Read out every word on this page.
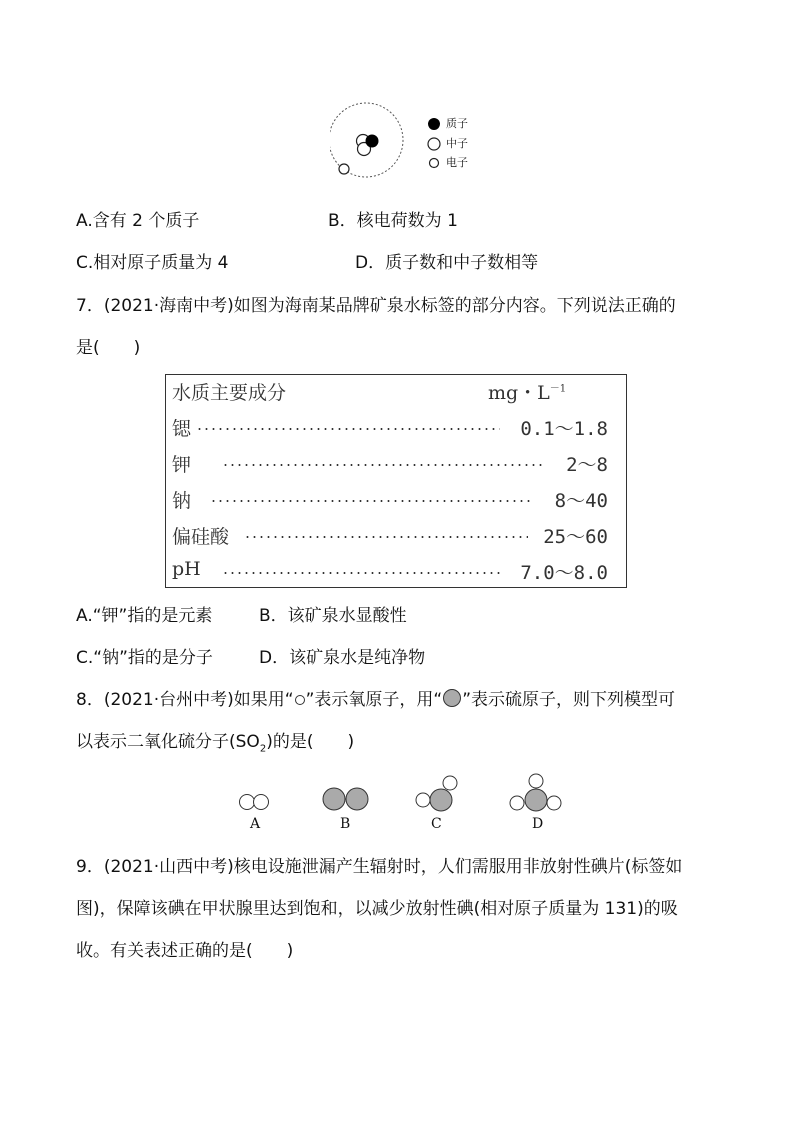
质子
中子
电子
A.含有 2 个质子	B．核电荷数为 1
C.相对原子质量为 4	D．质子数和中子数相等
7．(2021·海南中考)如图为海南某品牌矿泉水标签的部分内容。下列说法正确的
是(　　)
水质主要成分	mg・$L^{-1}$
锶	0.1～1.8
钾	2～8
钠	8～40
偏硅酸	25～60
pH	7.0～8.0
A.“钾”指的是元素	B．该矿泉水显酸性
C.“钠”指的是分子	D．该矿泉水是纯净物
8．(2021·台州中考)如果用“ ”表示氧原子，用“ ”表示硫原子，则下列模型可
以表示二氧化硫分子$(SO_2)$的是(　　)
A	B	C	D
9．(2021·山西中考)核电设施泄漏产生辐射时，人们需服用非放射性碘片(标签如
图)，保障该碘在甲状腺里达到饱和，以减少放射性碘(相对原子质量为 131)的吸
收。有关表述正确的是(　　)
